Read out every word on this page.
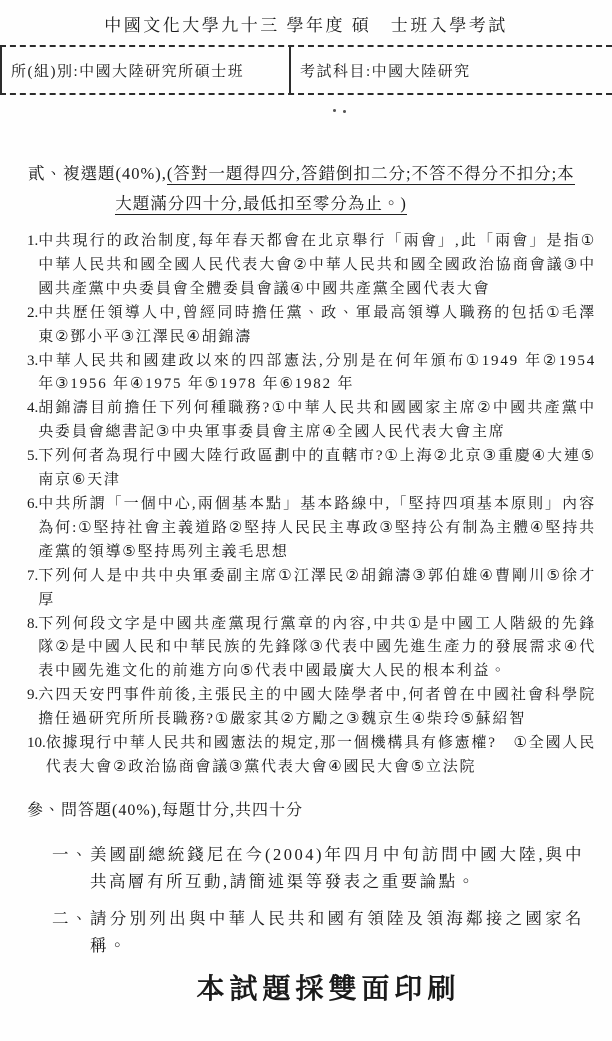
中國文化大學九十三 學年度 碩　士班入學考試
所(組)別:中國大陸研究所碩士班	考試科目:中國大陸研究

貳、複選題(40%),(答對一題得四分,答錯倒扣二分;不答不得分不扣分;本

大題滿分四十分,最低扣至零分為止。)

1. 中共現行的政治制度,每年春天都會在北京舉行「兩會」,此「兩會」是指①中華人民共和國全國人民代表大會②中華人民共和國全國政治協商會議③中國共產黨中央委員會全體委員會議④中國共產黨全國代表大會
2. 中共歷任領導人中,曾經同時擔任黨、政、軍最高領導人職務的包括①毛澤東②鄧小平③江澤民④胡錦濤
3. 中華人民共和國建政以來的四部憲法,分別是在何年頒布①1949 年②1954 年③1956 年④1975 年⑤1978 年⑥1982 年
4. 胡錦濤目前擔任下列何種職務?①中華人民共和國國家主席②中國共產黨中央委員會總書記③中央軍事委員會主席④全國人民代表大會主席
5. 下列何者為現行中國大陸行政區劃中的直轄市?①上海②北京③重慶④大連⑤南京⑥天津
6. 中共所謂「一個中心,兩個基本點」基本路線中,「堅持四項基本原則」內容為何:①堅持社會主義道路②堅持人民民主專政③堅持公有制為主體④堅持共產黨的領導⑤堅持馬列主義毛思想
7. 下列何人是中共中央軍委副主席①江澤民②胡錦濤③郭伯雄④曹剛川⑤徐才厚
8. 下列何段文字是中國共產黨現行黨章的內容,中共①是中國工人階級的先鋒隊②是中國人民和中華民族的先鋒隊③代表中國先進生產力的發展需求④代表中國先進文化的前進方向⑤代表中國最廣大人民的根本利益。
9. 六四天安門事件前後,主張民主的中國大陸學者中,何者曾在中國社會科學院擔任過研究所所長職務?①嚴家其②方勵之③魏京生④柴玲⑤蘇紹智
10. 依據現行中華人民共和國憲法的規定,那一個機構具有修憲權?　①全國人民代表大會②政治協商會議③黨代表大會④國民大會⑤立法院

參、問答題(40%),每題廿分,共四十分

一、 美國副總統錢尼在今(2004)年四月中旬訪問中國大陸,與中共高層有所互動,請簡述渠等發表之重要論點。
二、 請分別列出與中華人民共和國有領陸及領海鄰接之國家名稱。

本試題採雙面印刷
